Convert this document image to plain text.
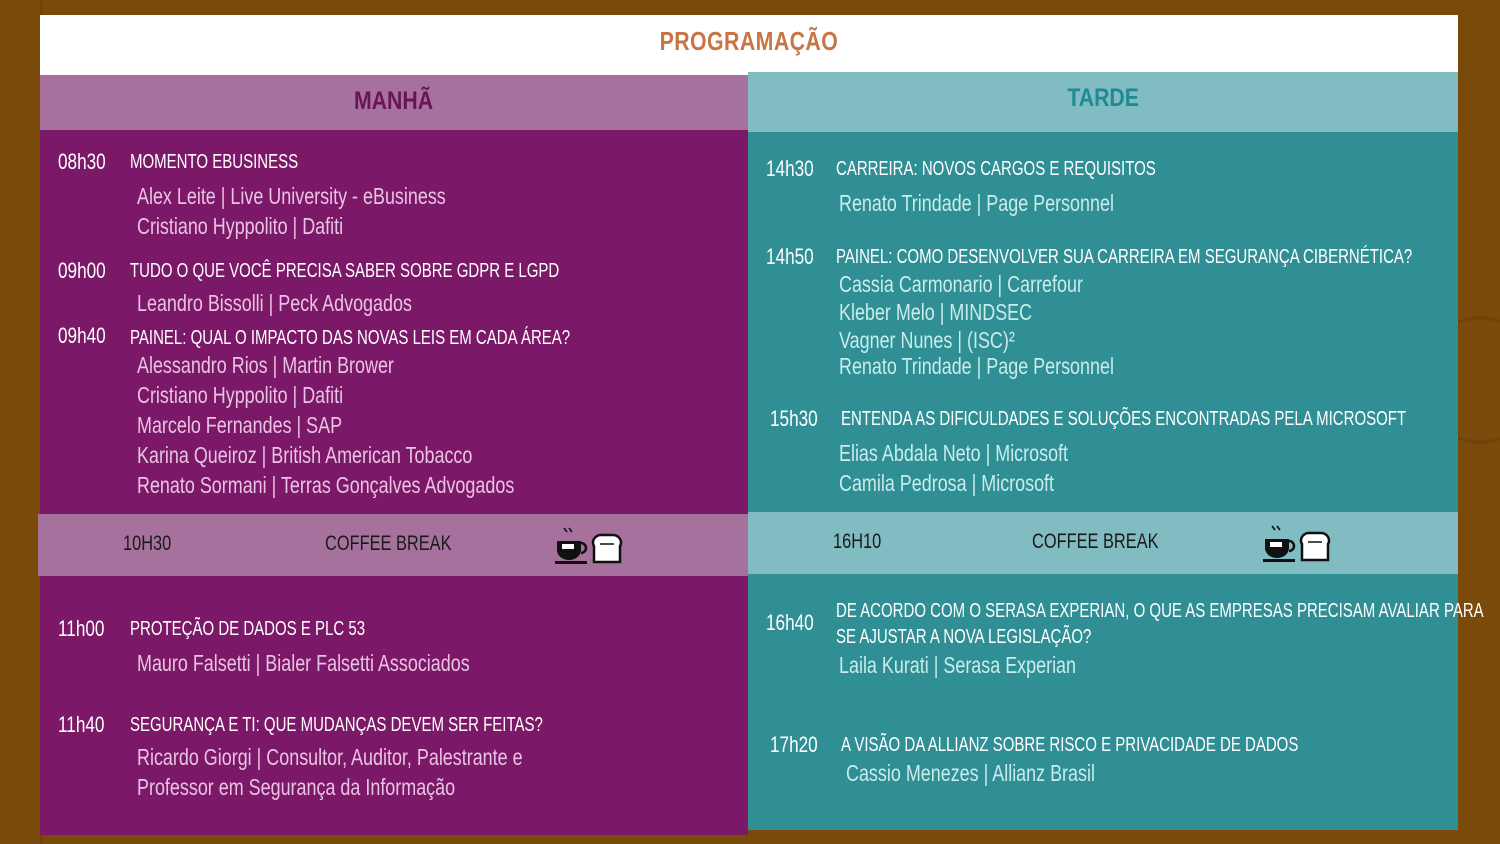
PROGRAMAÇÃO
MANHÃ
08h30 MOMENTO EBUSINESS
Alex Leite | Live University - eBusiness
Cristiano Hyppolito | Dafiti
09h00 TUDO O QUE VOCÊ PRECISA SABER SOBRE GDPR E LGPD
Leandro Bissolli | Peck Advogados
09h40 PAINEL: QUAL O IMPACTO DAS NOVAS LEIS EM CADA ÁREA?
Alessandro Rios | Martin Brower
Cristiano Hyppolito | Dafiti
Marcelo Fernandes | SAP
Karina Queiroz | British American Tobacco
Renato Sormani | Terras Gonçalves Advogados
11h00 PROTEÇÃO DE DADOS E PLC 53
Mauro Falsetti | Bialer Falsetti Associados
11h40 SEGURANÇA E TI: QUE MUDANÇAS DEVEM SER FEITAS?
Ricardo Giorgi | Consultor, Auditor, Palestrante e
Professor em Segurança da Informação
10H30	COFFEE BREAK
TARDE
14h30 CARREIRA: NOVOS CARGOS E REQUISITOS
Renato Trindade | Page Personnel
14h50 PAINEL: COMO DESENVOLVER SUA CARREIRA EM SEGURANÇA CIBERNÉTICA?
Cassia Carmonario | Carrefour
Kleber Melo | MINDSEC
Vagner Nunes | (ISC)²
Renato Trindade | Page Personnel
15h30 ENTENDA AS DIFICULDADES E SOLUÇÕES ENCONTRADAS PELA MICROSOFT
Elias Abdala Neto | Microsoft
Camila Pedrosa | Microsoft
16h40 DE ACORDO COM O SERASA EXPERIAN, O QUE AS EMPRESAS PRECISAM AVALIAR PARA
SE AJUSTAR A NOVA LEGISLAÇÃO?
Laila Kurati | Serasa Experian
17h20 A VISÃO DA ALLIANZ SOBRE RISCO E PRIVACIDADE DE DADOS
Cassio Menezes | Allianz Brasil
16H10	COFFEE BREAK
